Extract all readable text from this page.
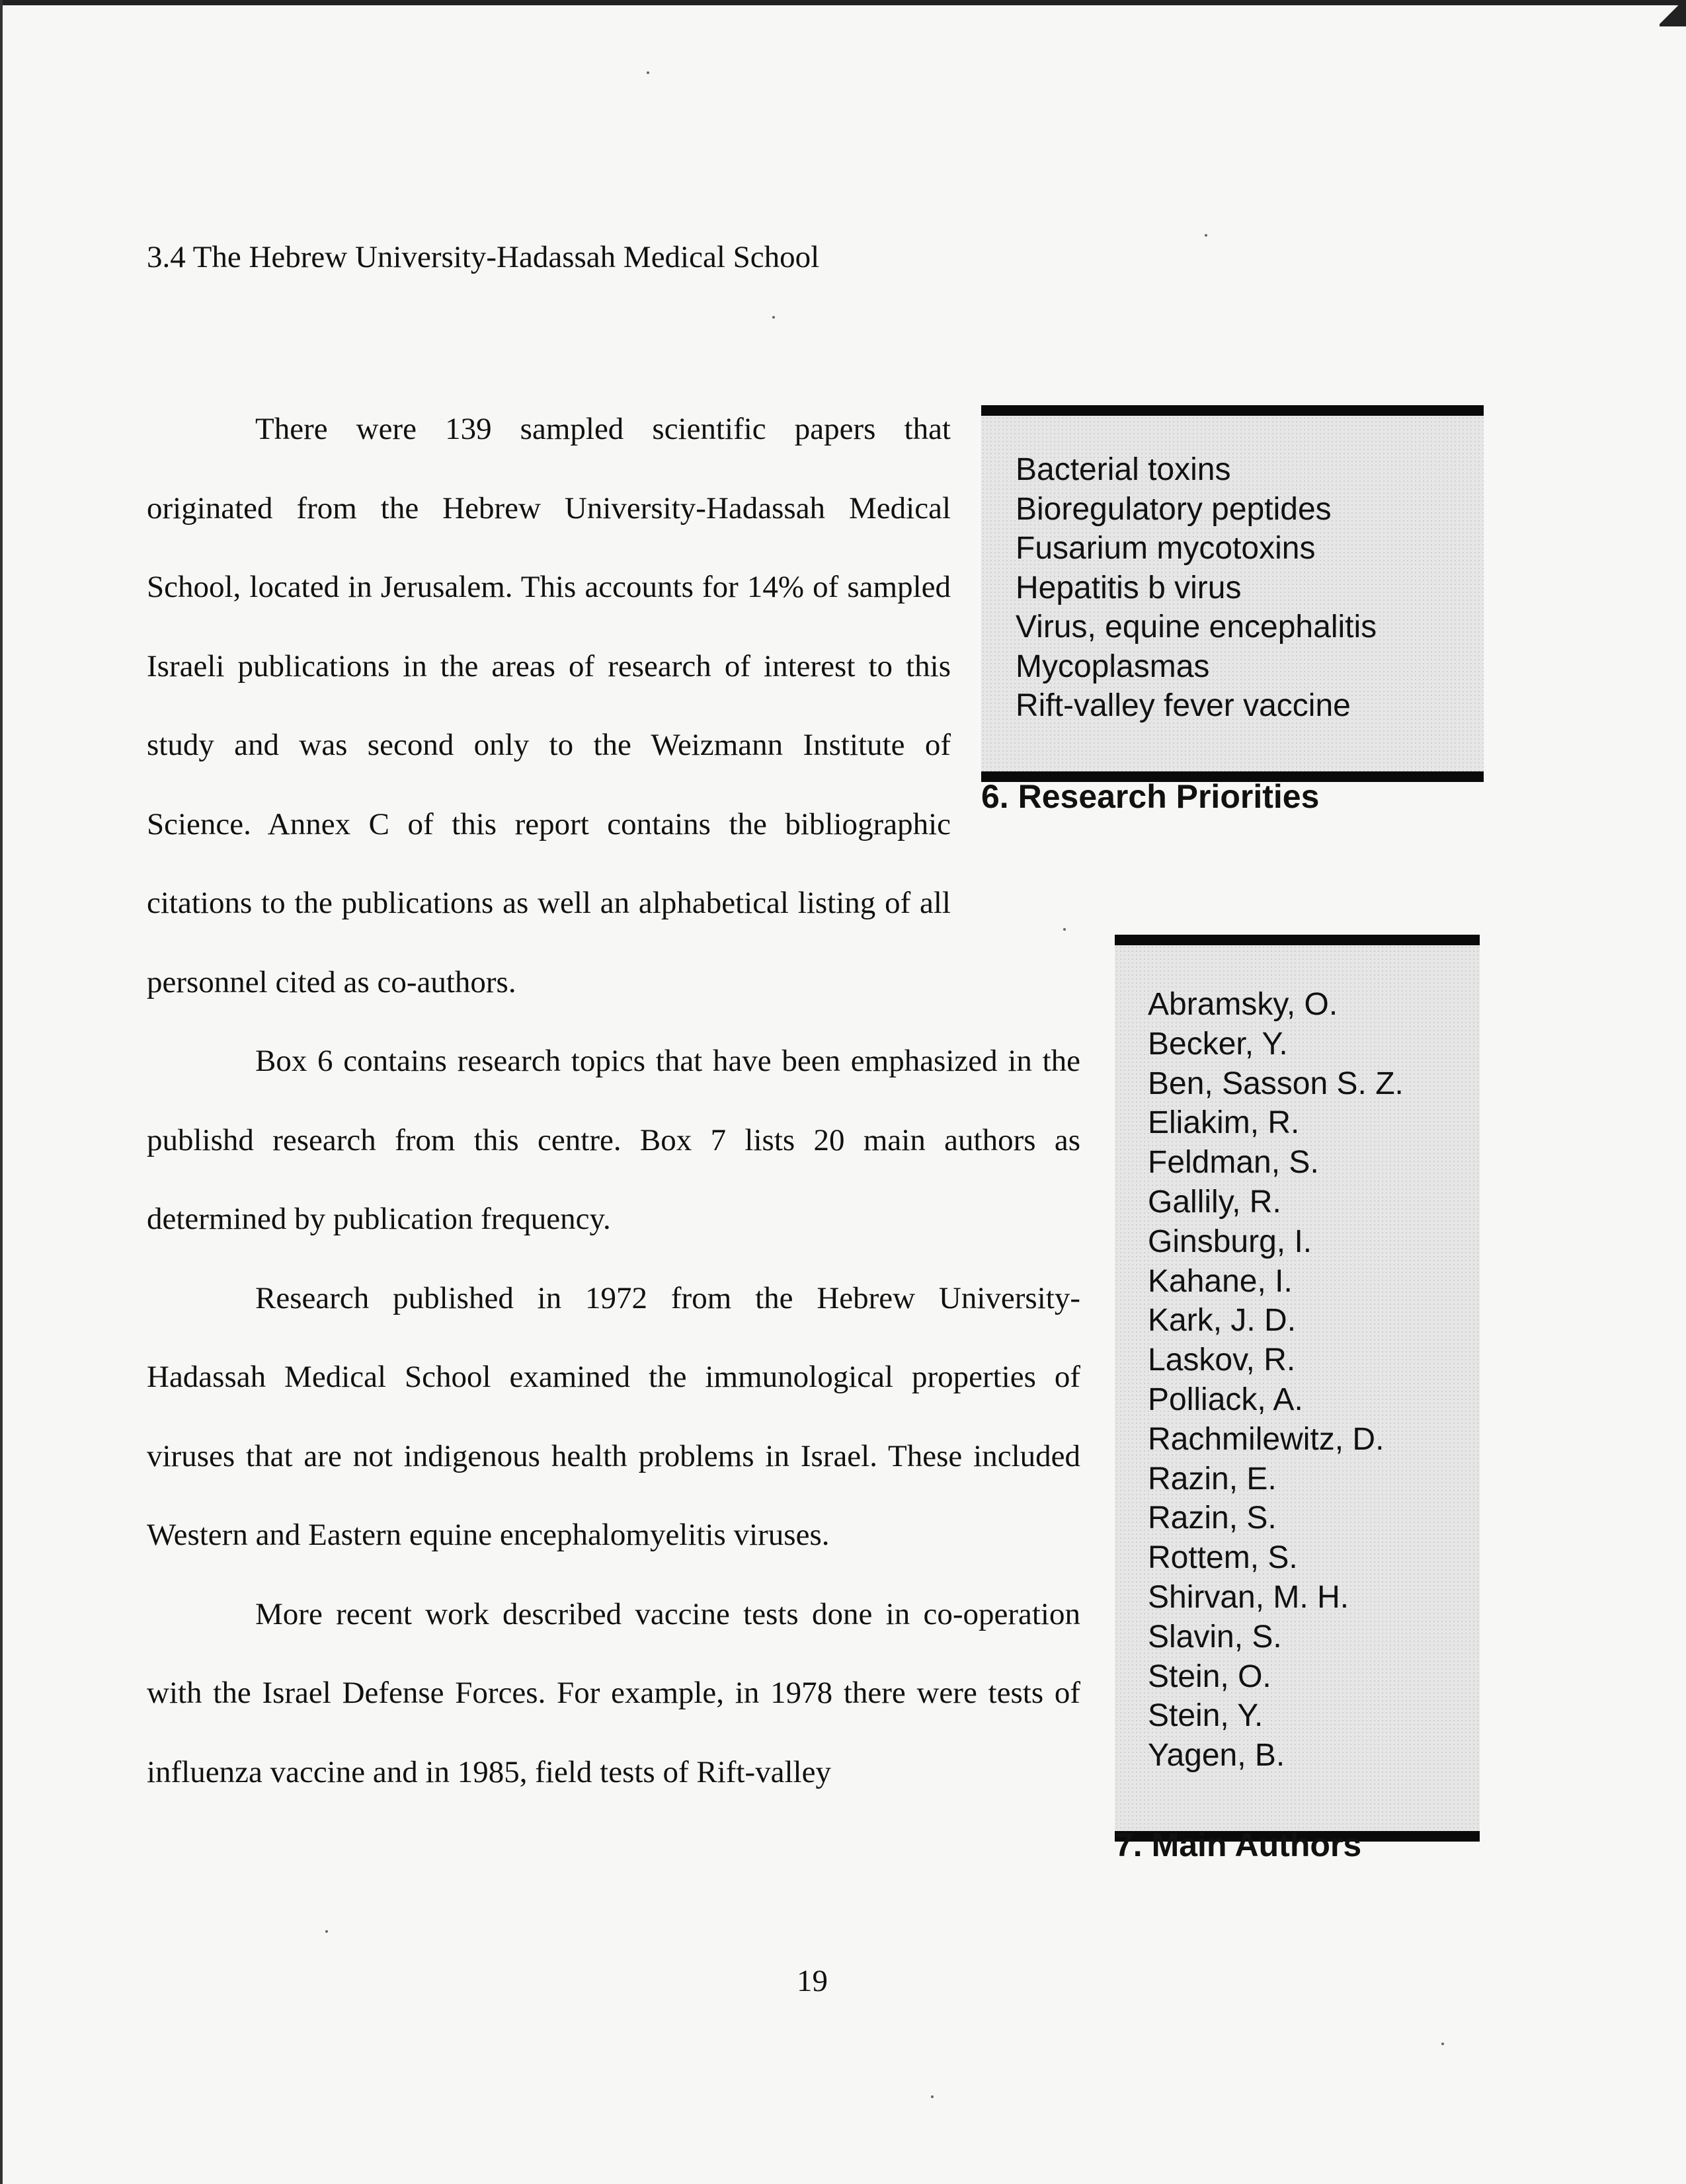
3.4 The Hebrew University-Hadassah Medical School

There were 139 sampled scientific papers that originated from the Hebrew University-Hadassah Medical School, located in Jerusalem. This accounts for 14% of sampled Israeli publications in the areas of research of interest to this study and was second only to the Weizmann Institute of Science. Annex C of this report contains the bibliographic citations to the publications as well an alphabetical listing of all personnel cited as co-authors.

Box 6 contains research topics that have been emphasized in the publishd research from this centre. Box 7 lists 20 main authors as determined by publication frequency.

Research published in 1972 from the Hebrew University-Hadassah Medical School examined the immunological properties of viruses that are not indigenous health problems in Israel. These included Western and Eastern equine encephalomyelitis viruses.

More recent work described vaccine tests done in co-operation with the Israel Defense Forces. For example, in 1978 there were tests of influenza vaccine and in 1985, field tests of Rift-valley

Bacterial toxins
Bioregulatory peptides
Fusarium mycotoxins
Hepatitis b virus
Virus, equine encephalitis
Mycoplasmas
Rift-valley fever vaccine
6. Research Priorities
Abramsky, O.
Becker, Y.
Ben, Sasson S. Z.
Eliakim, R.
Feldman, S.
Gallily, R.
Ginsburg, I.
Kahane, I.
Kark, J. D.
Laskov, R.
Polliack, A.
Rachmilewitz, D.
Razin, E.
Razin, S.
Rottem, S.
Shirvan, M. H.
Slavin, S.
Stein, O.
Stein, Y.
Yagen, B.
7. Main Authors
19
